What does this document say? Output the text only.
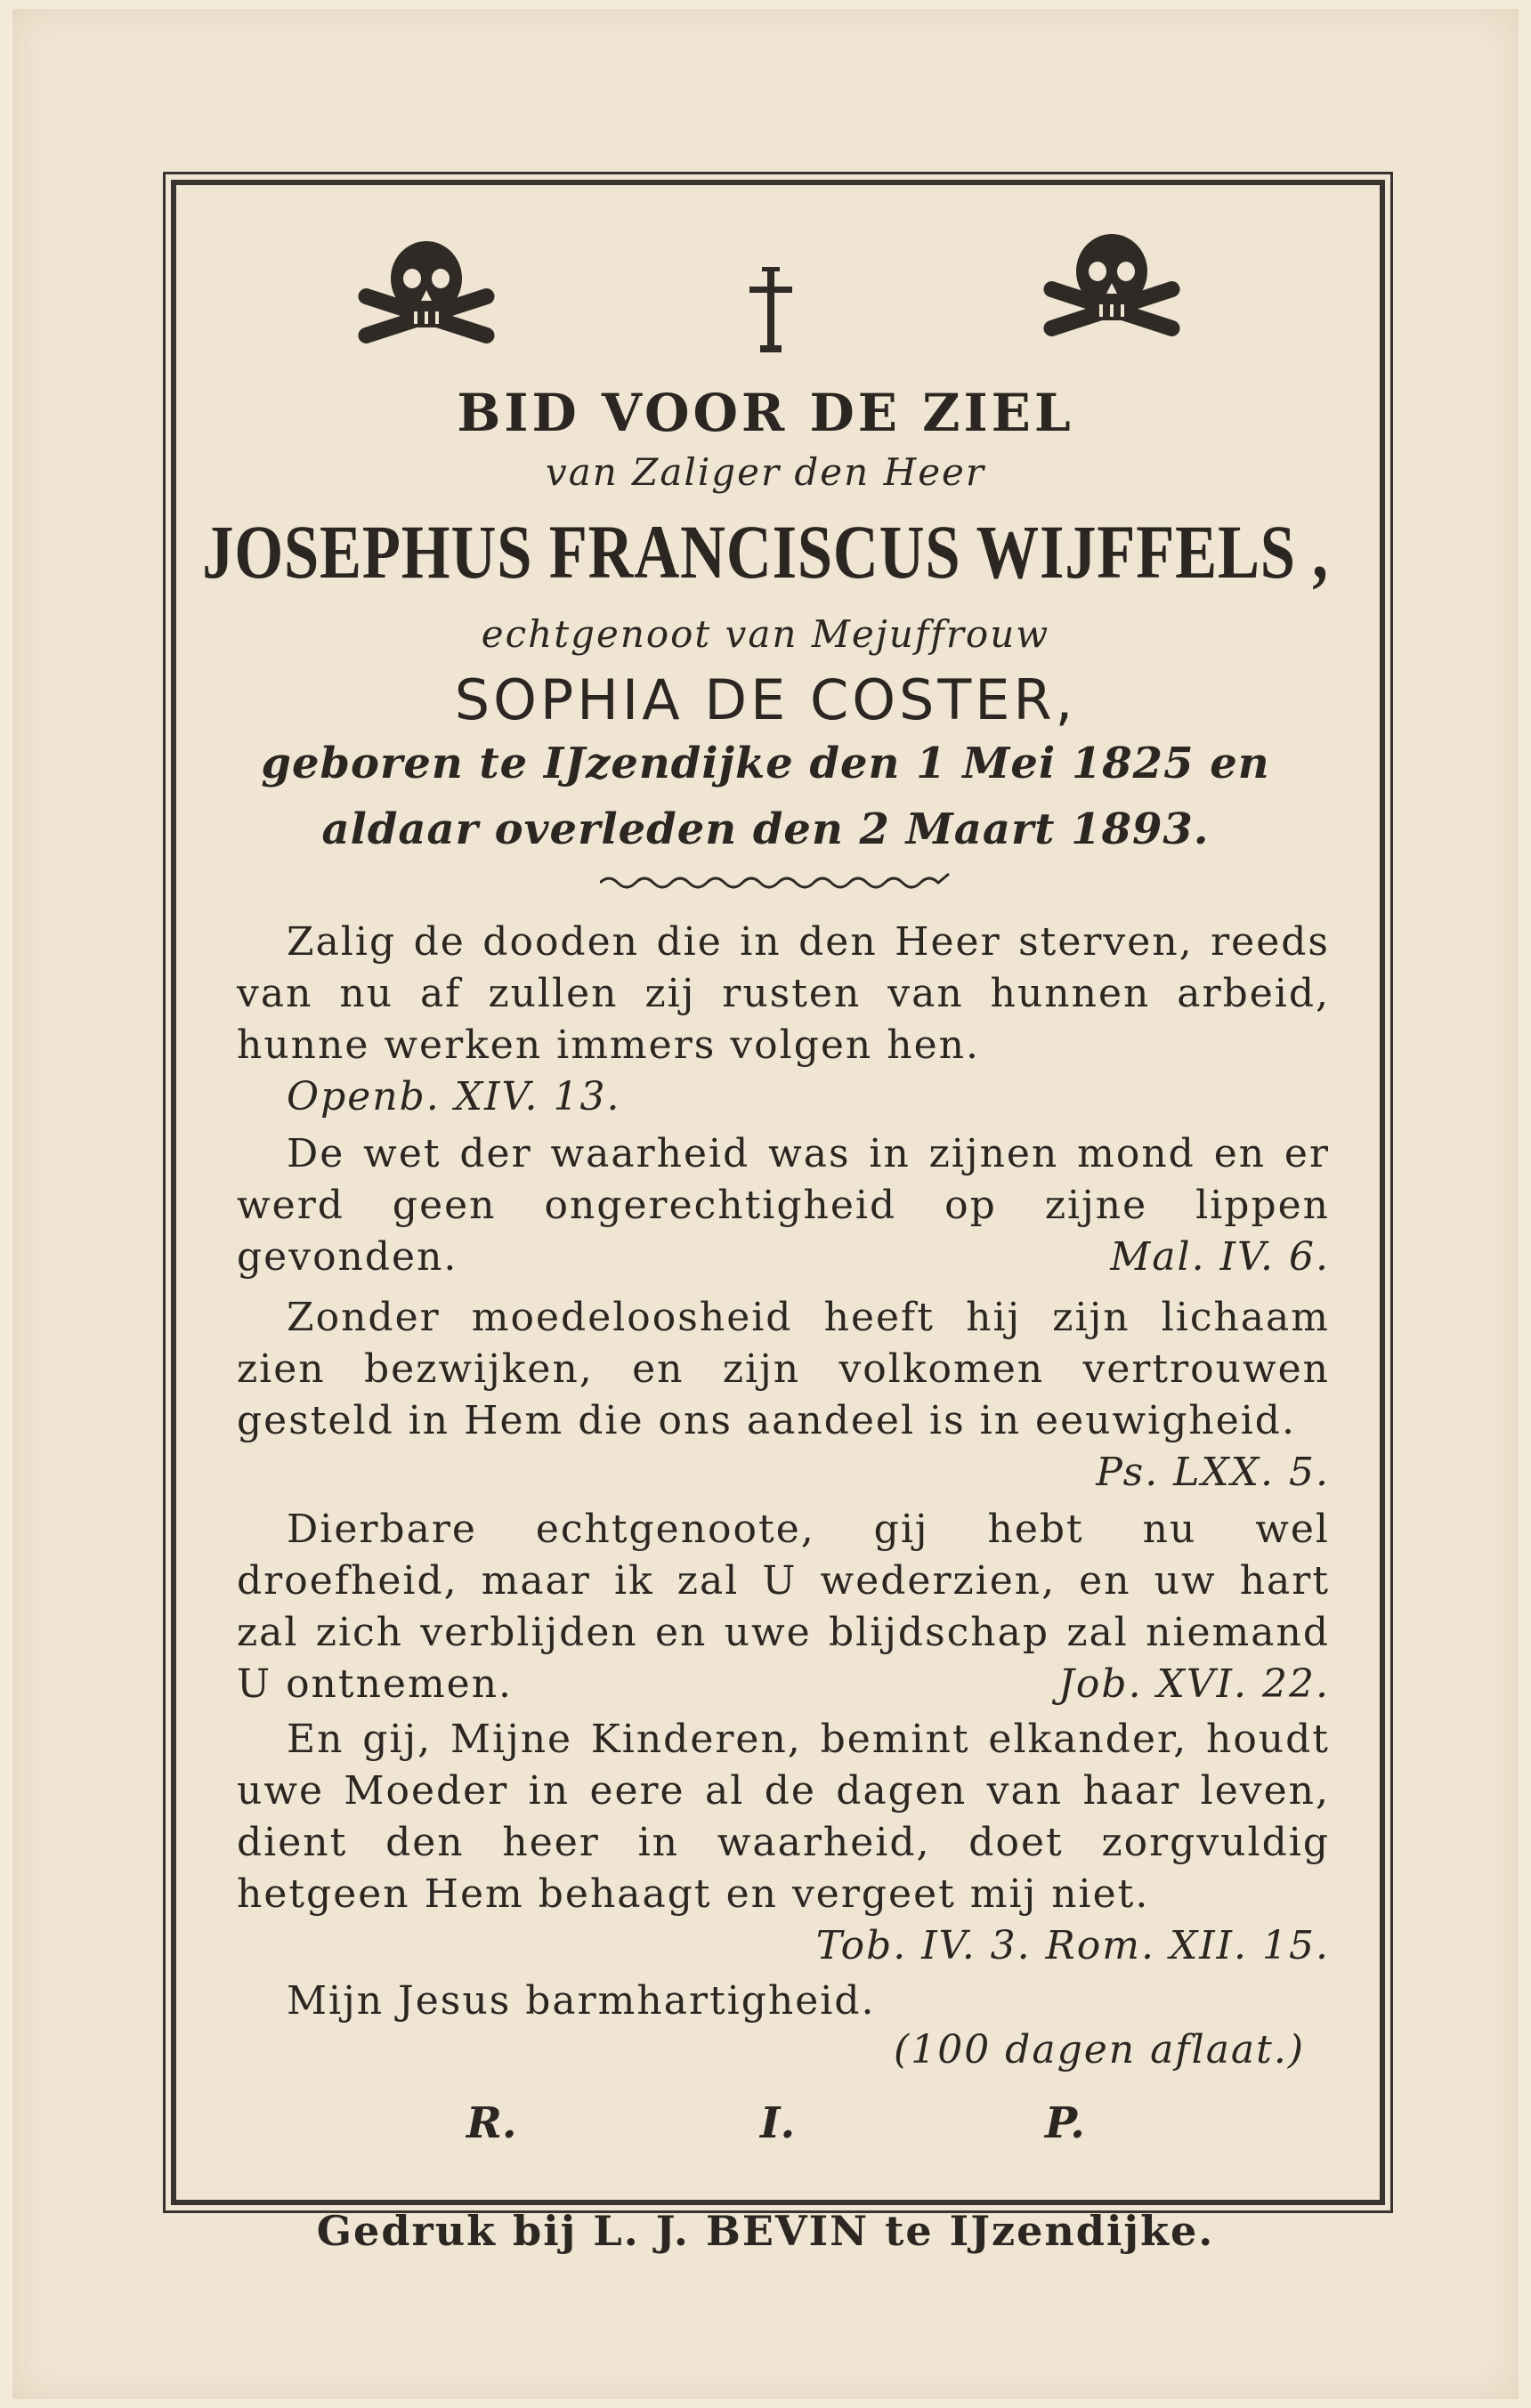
BID VOOR DE ZIEL
van Zaliger den Heer
JOSEPHUS FRANCISCUS WIJFFELS ,
echtgenoot van Mejuffrouw
SOPHIA DE COSTER,
geboren te IJzendijke den 1 Mei 1825 en
aldaar overleden den 2 Maart 1893.
Zalig de dooden die in den Heer sterven, reeds van nu af zullen zij rusten van hunnen arbeid, hunne werken immers volgen hen.
Openb. XIV. 13.
De wet der waarheid was in zijnen mond en er werd geen ongerechtigheid op zijne lippen gevonden.	Mal. IV. 6.
Zonder moedeloosheid heeft hij zijn lichaam zien bezwijken, en zijn volkomen vertrouwen gesteld in Hem die ons aandeel is in eeuwigheid.
Ps. LXX. 5.
Dierbare echtgenoote, gij hebt nu wel droefheid, maar ik zal U wederzien, en uw hart zal zich verblijden en uwe blijdschap zal niemand U ontnemen.	Job. XVI. 22.
En gij, Mijne Kinderen, bemint elkander, houdt uwe Moeder in eere al de dagen van haar leven, dient den heer in waarheid, doet zorgvuldig hetgeen Hem behaagt en vergeet mij niet.
Tob. IV. 3. Rom. XII. 15.
Mijn Jesus barmhartigheid.
(100 dagen aflaat.)
R.	I.	P.
Gedruk bij L. J. BEVIN te IJzendijke.
